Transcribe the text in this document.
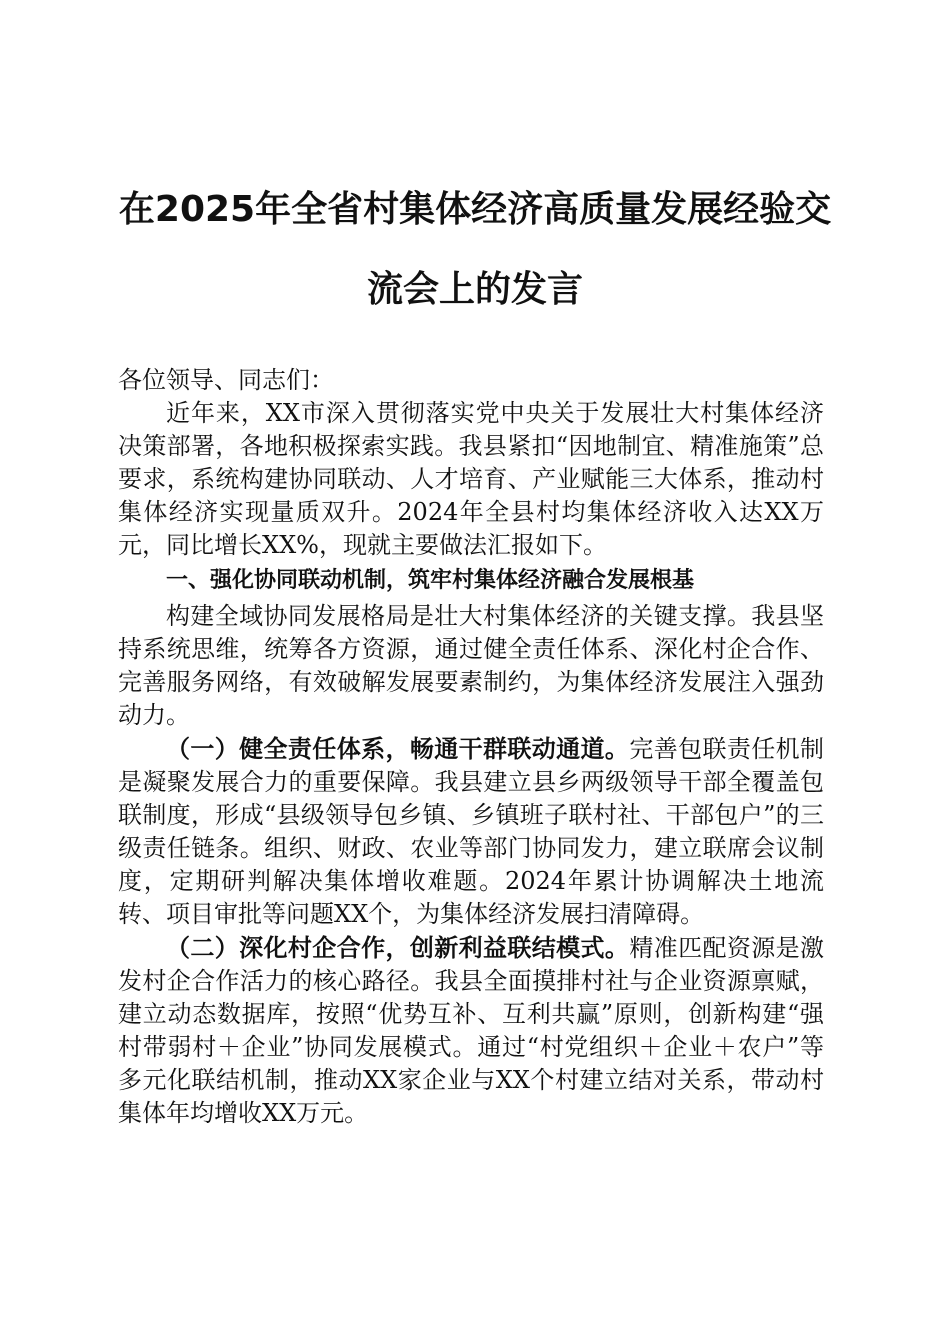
在2025年全省村集体经济高质量发展经验交
流会上的发言

各位领导、同志们：

近年来，XX市深入贯彻落实党中央关于发展壮大村集体经济决策部署，各地积极探索实践。我县紧扣“因地制宜、精准施策”总要求，系统构建协同联动、人才培育、产业赋能三大体系，推动村集体经济实现量质双升。2024年全县村均集体经济收入达XX万元，同比增长XX%，现就主要做法汇报如下。

一、强化协同联动机制，筑牢村集体经济融合发展根基

构建全域协同发展格局是壮大村集体经济的关键支撑。我县坚持系统思维，统筹各方资源，通过健全责任体系、深化村企合作、完善服务网络，有效破解发展要素制约，为集体经济发展注入强劲动力。

（一）健全责任体系，畅通干群联动通道。完善包联责任机制是凝聚发展合力的重要保障。我县建立县乡两级领导干部全覆盖包联制度，形成“县级领导包乡镇、乡镇班子联村社、干部包户”的三级责任链条。组织、财政、农业等部门协同发力，建立联席会议制度，定期研判解决集体增收难题。2024年累计协调解决土地流转、项目审批等问题XX个，为集体经济发展扫清障碍。

（二）深化村企合作，创新利益联结模式。精准匹配资源是激发村企合作活力的核心路径。我县全面摸排村社与企业资源禀赋，建立动态数据库，按照“优势互补、互利共赢”原则，创新构建“强村带弱村＋企业”协同发展模式。通过“村党组织＋企业＋农户”等多元化联结机制，推动XX家企业与XX个村建立结对关系，带动村集体年均增收XX万元。
